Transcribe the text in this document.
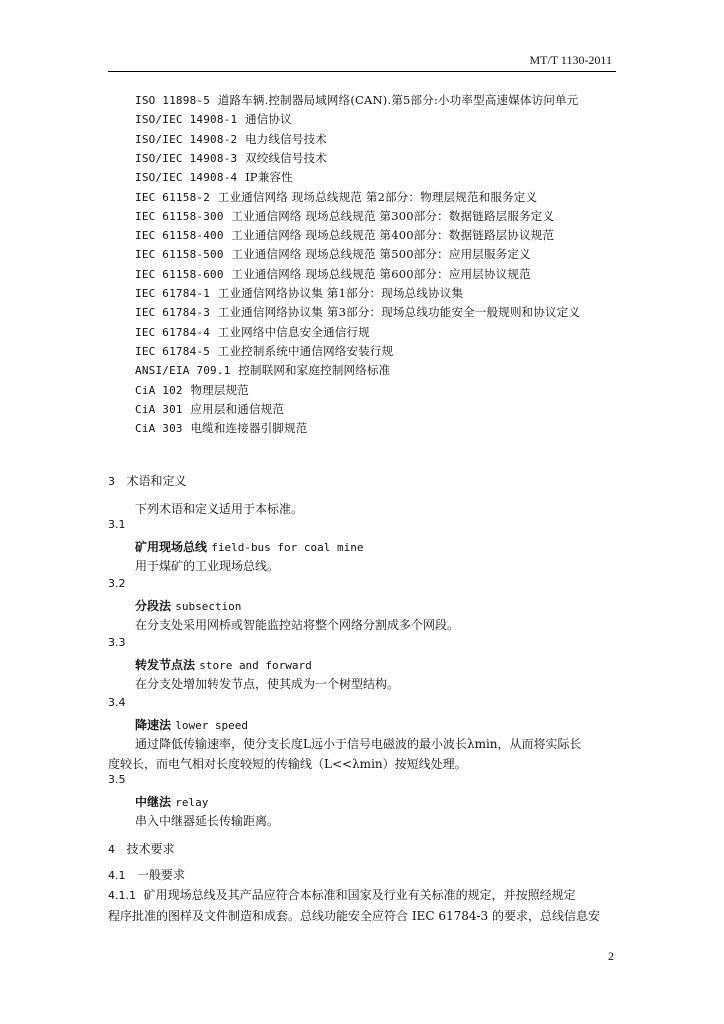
MT/T 1130-2011
ISO 11898-5 道路车辆.控制器局域网络(CAN).第5部分:小功率型高速媒体访问单元
ISO/IEC 14908-1 通信协议
ISO/IEC 14908-2 电力线信号技术
ISO/IEC 14908-3 双绞线信号技术
ISO/IEC 14908-4 IP兼容性
IEC 61158-2 工业通信网络 现场总线规范 第2部分：物理层规范和服务定义
IEC 61158-300 工业通信网络 现场总线规范 第300部分：数据链路层服务定义
IEC 61158-400 工业通信网络 现场总线规范 第400部分：数据链路层协议规范
IEC 61158-500 工业通信网络 现场总线规范 第500部分：应用层服务定义
IEC 61158-600 工业通信网络 现场总线规范 第600部分：应用层协议规范
IEC 61784-1 工业通信网络协议集 第1部分：现场总线协议集
IEC 61784-3 工业通信网络协议集 第3部分：现场总线功能安全一般规则和协议定义
IEC 61784-4 工业网络中信息安全通信行规
IEC 61784-5 工业控制系统中通信网络安装行规
ANSI/EIA 709.1 控制联网和家庭控制网络标准
CiA 102 物理层规范
CiA 301 应用层和通信规范
CiA 303 电缆和连接器引脚规范
3 术语和定义
下列术语和定义适用于本标准。
3.1
矿用现场总线 field-bus for coal mine
用于煤矿的工业现场总线。
3.2
分段法 subsection
在分支处采用网桥或智能监控站将整个网络分割成多个网段。
3.3
转发节点法 store and forward
在分支处增加转发节点，使其成为一个树型结构。
3.4
降速法 lower speed
通过降低传输速率，使分支长度L远小于信号电磁波的最小波长λmin，从而将实际长
度较长，而电气相对长度较短的传输线（L<<λmin）按短线处理。
3.5
中继法 relay
串入中继器延长传输距离。
4 技术要求
4.1 一般要求
4.1.1 矿用现场总线及其产品应符合本标准和国家及行业有关标准的规定，并按照经规定
程序批准的图样及文件制造和成套。总线功能安全应符合 IEC 61784-3 的要求，总线信息安
2
